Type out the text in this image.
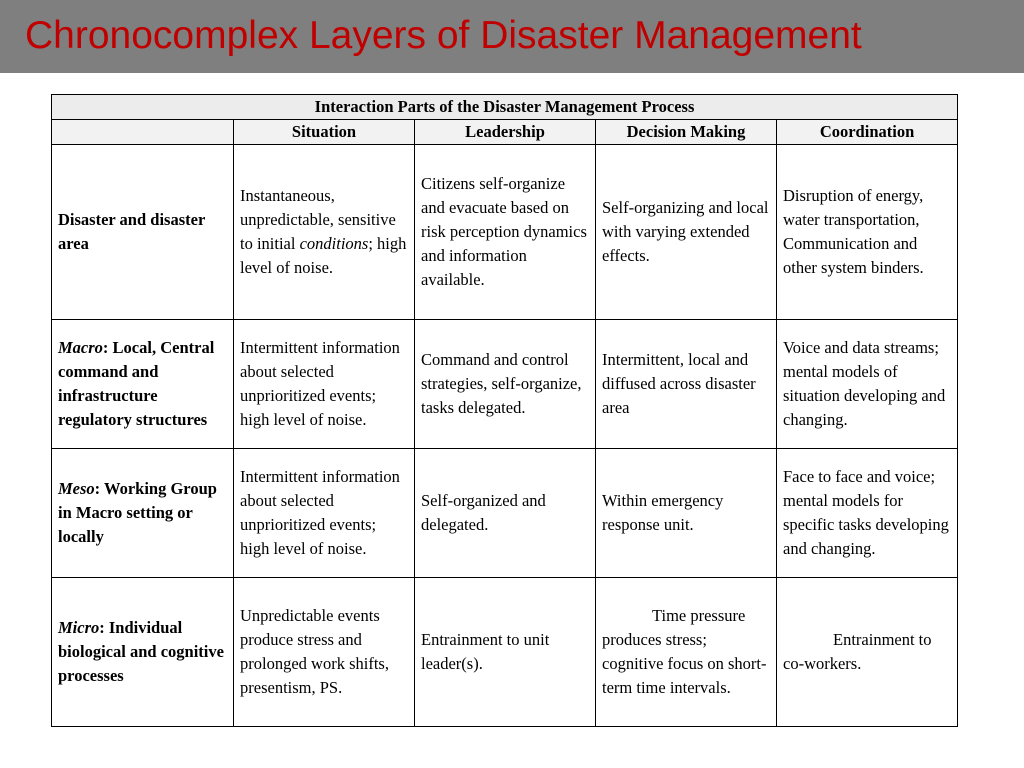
Chronocomplex Layers of Disaster Management
Interaction Parts of the Disaster Management Process				
	Situation	Leadership	Decision Making	Coordination
Disaster and disaster area	Instantaneous, unpredictable, sensitive to initial conditions; high level of noise.	Citizens self-organize and evacuate based on risk perception dynamics and information available.	Self-organizing and local with varying extended effects.	Disruption of energy, water transportation, Communication and other system binders.
Macro: Local, Central command and infrastructure regulatory structures	Intermittent information about selected unprioritized events; high level of noise.	Command and control strategies, self-organize, tasks delegated.	Intermittent, local and diffused across disaster area	Voice and data streams; mental models of situation developing and changing.
Meso: Working Group in Macro setting or locally	Intermittent information about selected unprioritized events; high level of noise.	Self-organized and delegated.	Within emergency response unit.	Face to face and voice; mental models for specific tasks developing and changing.
Micro: Individual biological and cognitive processes	Unpredictable events produce stress and prolonged work shifts, presentism, PS.	Entrainment to unit leader(s).	Time pressure produces stress; cognitive focus on short-term time intervals.	Entrainment to co-workers.
